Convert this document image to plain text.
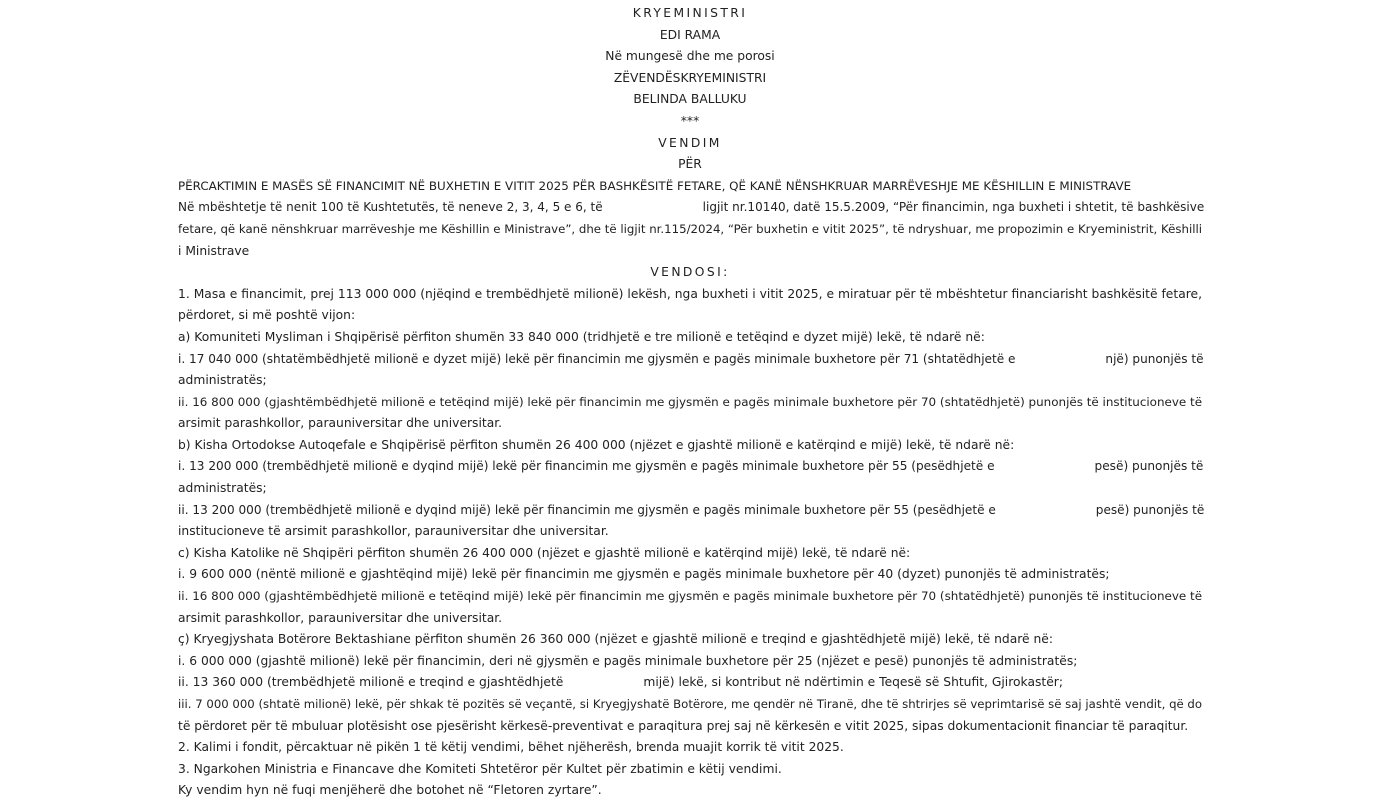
KRYEMINISTRI
EDI RAMA
Në mungesë dhe me porosi
ZËVENDËSKRYEMINISTRI
BELINDA BALLUKU
***
VENDIM
PËR
PËRCAKTIMIN E MASËS SË FINANCIMIT NË BUXHETIN E VITIT 2025 PËR BASHKËSITË FETARE, QË KANË NËNSHKRUAR MARRËVESHJE ME KËSHILLIN E MINISTRAVE
Në mbështetje të nenit 100 të Kushtetutës, të neneve 2, 3, 4, 5 e 6, të	ligjit nr.10140, datë 15.5.2009, “Për financimin, nga buxheti i shtetit, të bashkësive
fetare, që kanë nënshkruar marrëveshje me Këshillin e Ministrave”, dhe të ligjit nr.115/2024, “Për buxhetin e vitit 2025”, të ndryshuar, me propozimin e Kryeministrit, Këshilli
i Ministrave
VENDOSI:
1. Masa e financimit, prej 113 000 000 (njëqind e trembëdhjetë milionë) lekësh, nga buxheti i vitit 2025, e miratuar për të mbështetur financiarisht bashkësitë fetare,
përdoret, si më poshtë vijon:
a) Komuniteti Mysliman i Shqipërisë përfiton shumën 33 840 000 (tridhjetë e tre milionë e tetëqind e dyzet mijë) lekë, të ndarë në:
i. 17 040 000 (shtatëmbëdhjetë milionë e dyzet mijë) lekë për financimin me gjysmën e pagës minimale buxhetore për 71 (shtatëdhjetë e	një) punonjës të
administratës;
ii. 16 800 000 (gjashtëmbëdhjetë milionë e tetëqind mijë) lekë për financimin me gjysmën e pagës minimale buxhetore për 70 (shtatëdhjetë) punonjës të institucioneve të
arsimit parashkollor, parauniversitar dhe universitar.
b) Kisha Ortodokse Autoqefale e Shqipërisë përfiton shumën 26 400 000 (njëzet e gjashtë milionë e katërqind e mijë) lekë, të ndarë në:
i. 13 200 000 (trembëdhjetë milionë e dyqind mijë) lekë për financimin me gjysmën e pagës minimale buxhetore për 55 (pesëdhjetë e	pesë) punonjës të
administratës;
ii. 13 200 000 (trembëdhjetë milionë e dyqind mijë) lekë për financimin me gjysmën e pagës minimale buxhetore për 55 (pesëdhjetë e	pesë) punonjës të
institucioneve të arsimit parashkollor, parauniversitar dhe universitar.
c) Kisha Katolike në Shqipëri përfiton shumën 26 400 000 (njëzet e gjashtë milionë e katërqind mijë) lekë, të ndarë në:
i. 9 600 000 (nëntë milionë e gjashtëqind mijë) lekë për financimin me gjysmën e pagës minimale buxhetore për 40 (dyzet) punonjës të administratës;
ii. 16 800 000 (gjashtëmbëdhjetë milionë e tetëqind mijë) lekë për financimin me gjysmën e pagës minimale buxhetore për 70 (shtatëdhjetë) punonjës të institucioneve të
arsimit parashkollor, parauniversitar dhe universitar.
ç) Kryegjyshata Botërore Bektashiane përfiton shumën 26 360 000 (njëzet e gjashtë milionë e treqind e gjashtëdhjetë mijë) lekë, të ndarë në:
i. 6 000 000 (gjashtë milionë) lekë për financimin, deri në gjysmën e pagës minimale buxhetore për 25 (njëzet e pesë) punonjës të administratës;
ii. 13 360 000 (trembëdhjetë milionë e treqind e gjashtëdhjetë	mijë) lekë, si kontribut në ndërtimin e Teqesë së Shtufit, Gjirokastër;
iii. 7 000 000 (shtatë milionë) lekë, për shkak të pozitës së veçantë, si Kryegjyshatë Botërore, me qendër në Tiranë, dhe të shtrirjes së veprimtarisë së saj jashtë vendit, që do
të përdoret për të mbuluar plotësisht ose pjesërisht kërkesë-preventivat e paraqitura prej saj në kërkesën e vitit 2025, sipas dokumentacionit financiar të paraqitur.
2. Kalimi i fondit, përcaktuar në pikën 1 të këtij vendimi, bëhet njëherësh, brenda muajit korrik të vitit 2025.
3. Ngarkohen Ministria e Financave dhe Komiteti Shtetëror për Kultet për zbatimin e këtij vendimi.
Ky vendim hyn në fuqi menjëherë dhe botohet në “Fletoren zyrtare”.
